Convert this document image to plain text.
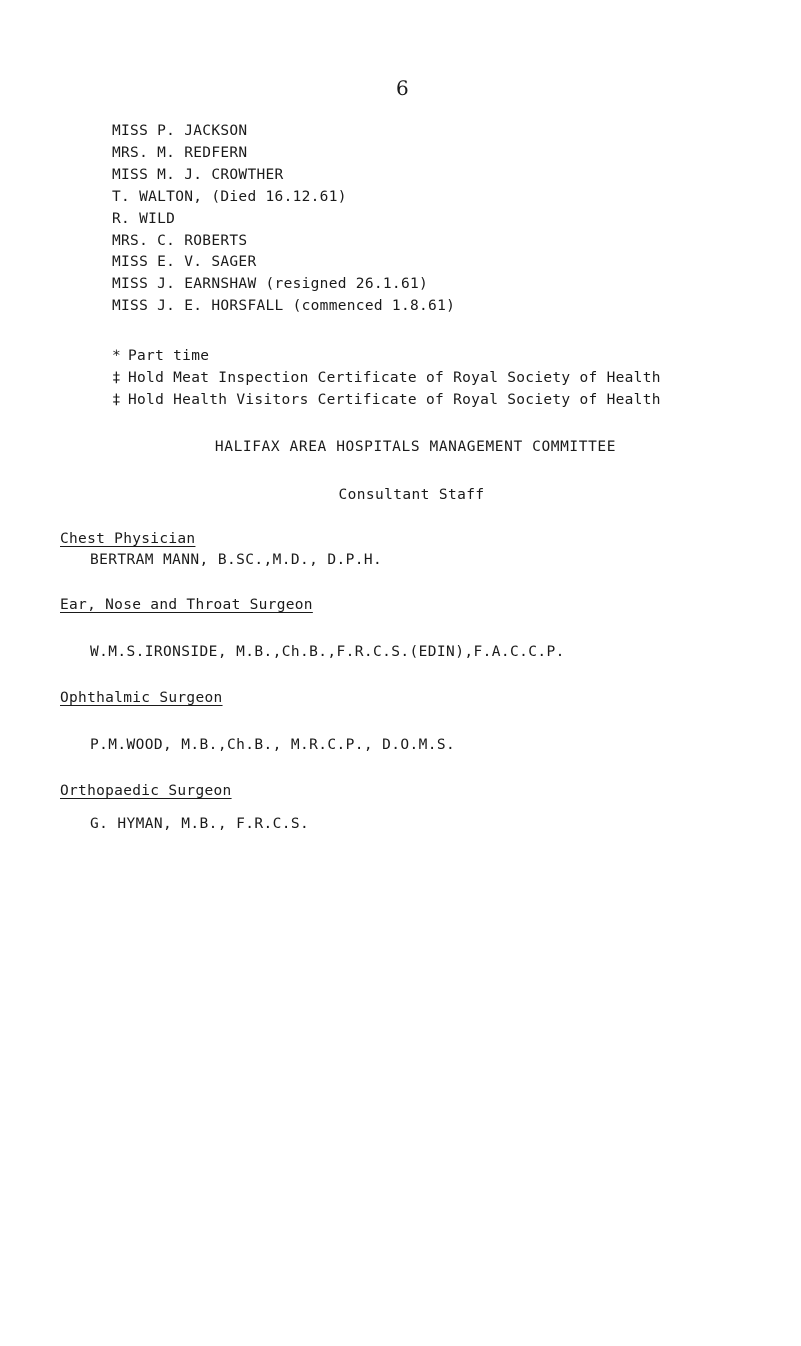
6
MISS P. JACKSON
MRS. M. REDFERN
MISS M. J. CROWTHER
T. WALTON, (Died 16.12.61)
R. WILD
MRS. C. ROBERTS
MISS E. V. SAGER
MISS J. EARNSHAW (resigned 26.1.61)
MISS J. E. HORSFALL (commenced 1.8.61)
* Part time
‡ Hold Meat Inspection Certificate of Royal Society of Health
‡ Hold Health Visitors Certificate of Royal Society of Health
HALIFAX AREA HOSPITALS MANAGEMENT COMMITTEE
Consultant Staff
Chest Physician
BERTRAM MANN, B.SC.,M.D., D.P.H.
Ear, Nose and Throat Surgeon
W.M.S.IRONSIDE, M.B.,Ch.B.,F.R.C.S.(EDIN),F.A.C.C.P.
Ophthalmic Surgeon
P.M.WOOD, M.B.,Ch.B., M.R.C.P., D.O.M.S.
Orthopaedic Surgeon
G. HYMAN, M.B., F.R.C.S.
